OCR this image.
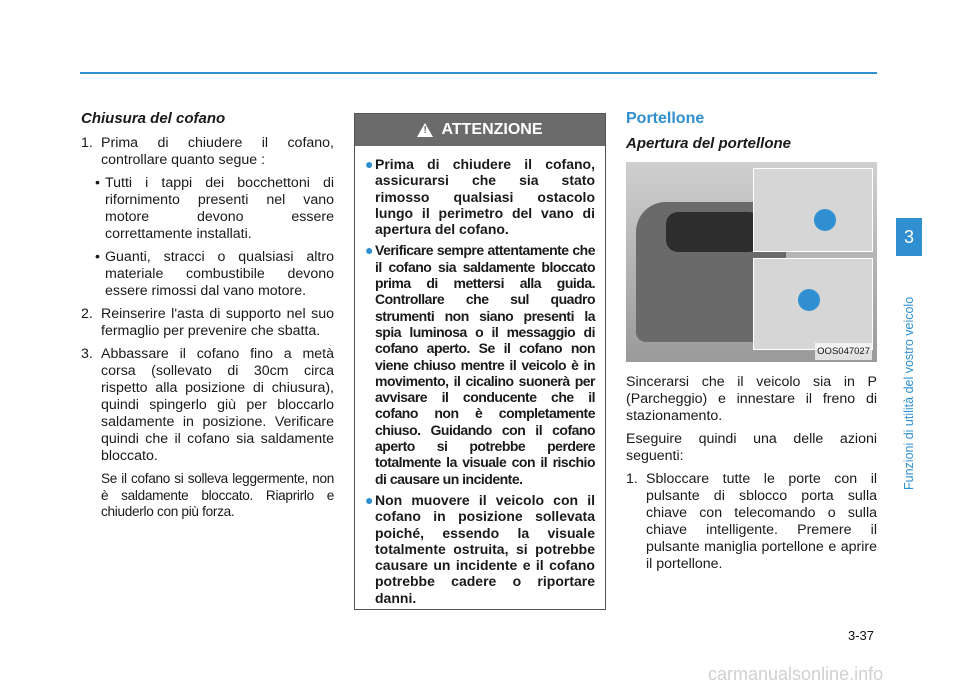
Chiusura del cofano
1. Prima di chiudere il cofano, controllare quanto segue :
• Tutti i tappi dei bocchettoni di rifornimento presenti nel vano motore devono essere correttamente installati.
• Guanti, stracci o qualsiasi altro materiale combustibile devono essere rimossi dal vano motore.
2. Reinserire l'asta di supporto nel suo fermaglio per prevenire che sbatta.
3. Abbassare il cofano fino a metà corsa (sollevato di 30cm circa rispetto alla posizione di chiusura), quindi spingerlo giù per bloccarlo saldamente in posizione. Verificare quindi che il cofano sia saldamente bloccato.
Se il cofano si solleva leggermente, non è saldamente bloccato. Riaprirlo e chiuderlo con più forza.
!
ATTENZIONE
● Prima di chiudere il cofano, assicurarsi che sia stato rimosso qualsiasi ostacolo lungo il perimetro del vano di apertura del cofano.
● Verificare sempre attentamente che il cofano sia saldamente bloccato prima di mettersi alla guida. Controllare che sul quadro strumenti non siano presenti la spia luminosa o il messaggio di cofano aperto. Se il cofano non viene chiuso mentre il veicolo è in movimento, il cicalino suonerà per avvisare il conducente che il cofano non è completamente chiuso. Guidando con il cofano aperto si potrebbe perdere totalmente la visuale con il rischio di causare un incidente.
● Non muovere il veicolo con il cofano in posizione sollevata poiché, essendo la visuale totalmente ostruita, si potrebbe causare un incidente e il cofano potrebbe cadere o riportare danni.
Portellone
Apertura del portellone
OOS047027
Sincerarsi che il veicolo sia in P (Parcheggio) e innestare il freno di stazionamento.
Eseguire quindi una delle azioni seguenti:
1. Sbloccare tutte le porte con il pulsante di sblocco porta sulla chiave con telecomando o sulla chiave intelligente. Premere il pulsante maniglia portellone e aprire il portellone.
3
Funzioni di utilità del vostro veicolo
3-37
carmanualsonline.info
